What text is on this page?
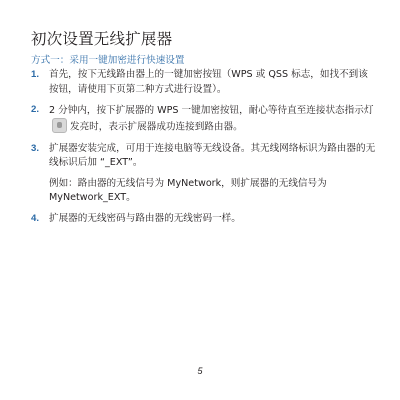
初次设置无线扩展器

方式一：采用一键加密进行快速设置

1. 首先，按下无线路由器上的一键加密按钮（WPS 或 QSS 标志，如找不到该按钮，请使用下页第二种方式进行设置）。
2. 2 分钟内，按下扩展器的 WPS 一键加密按钮，耐心等待直至连接状态指示灯发亮时，表示扩展器成功连接到路由器。
3. 扩展器安装完成，可用于连接电脑等无线设备。其无线网络标识为路由器的无线标识后加 “_EXT”。
例如：路由器的无线信号为 MyNetwork，则扩展器的无线信号为 MyNetwork_EXT。
4. 扩展器的无线密码与路由器的无线密码一样。
5
